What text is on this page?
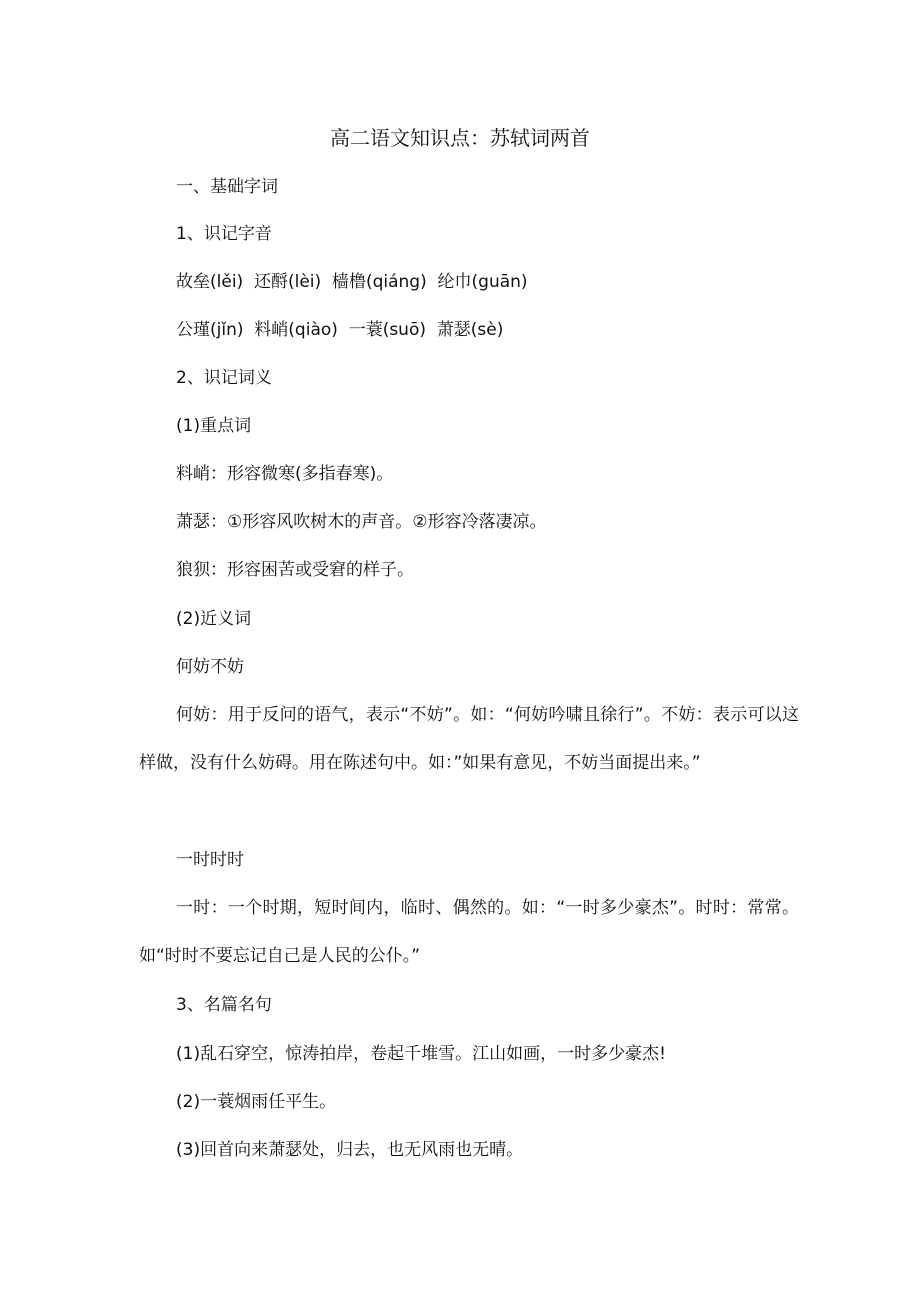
高二语文知识点：苏轼词两首
一、基础字词
1、识记字音
故垒(lěi)  还酹(lèi)  樯橹(qiáng)  纶巾(guān)
公瑾(jǐn)  料峭(qiào)  一蓑(suō)  萧瑟(sè)
2、识记词义
(1)重点词
料峭：形容微寒(多指春寒)。
萧瑟：①形容风吹树木的声音。②形容冷落凄凉。
狼狈：形容困苦或受窘的样子。
(2)近义词
何妨不妨
何妨：用于反问的语气，表示“不妨”。如：“何妨吟啸且徐行”。不妨：表示可以这样做，没有什么妨碍。用在陈述句中。如：”如果有意见，不妨当面提出来。”
一时时时
一时：一个时期，短时间内，临时、偶然的。如：“一时多少豪杰”。时时：常常。如“时时不要忘记自己是人民的公仆。”
3、名篇名句
(1)乱石穿空，惊涛拍岸，卷起千堆雪。江山如画，一时多少豪杰!
(2)一蓑烟雨任平生。
(3)回首向来萧瑟处，归去，也无风雨也无晴。
